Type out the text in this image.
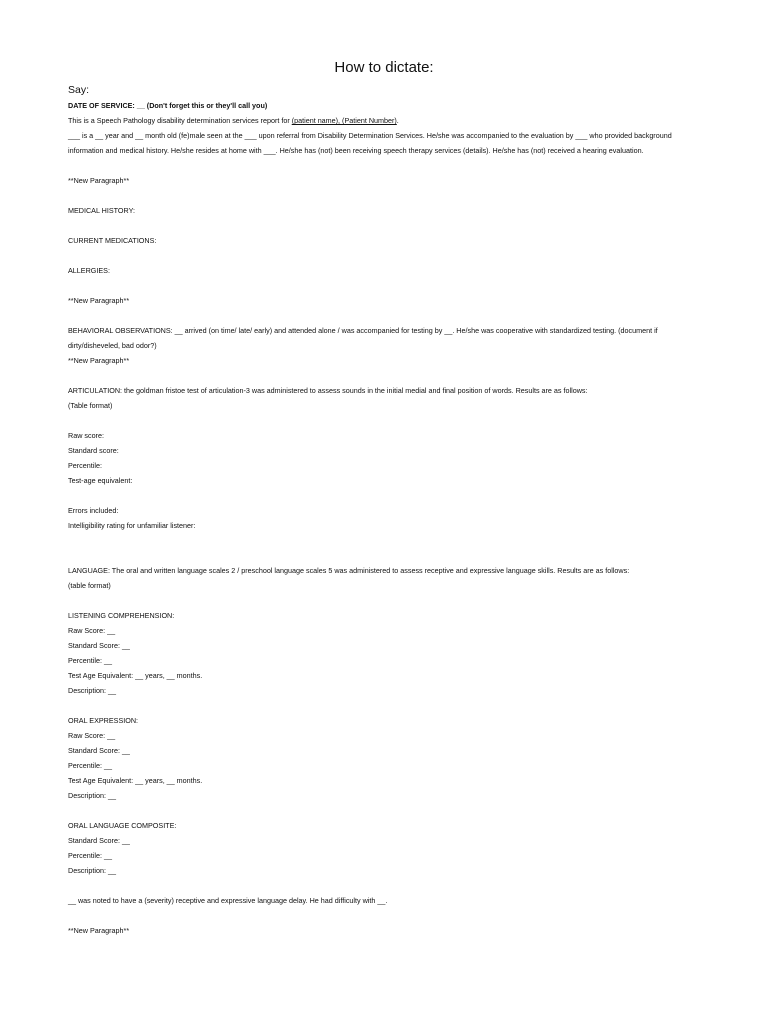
How to dictate:
Say:
DATE OF SERVICE: __ (Don't forget this or they'll call you)
This is a Speech Pathology disability determination services report for (patient name), (Patient Number).
___ is a __ year and __ month old (fe)male seen at the ___ upon referral from Disability Determination Services. He/she was accompanied to the evaluation by ___ who provided background
information and medical history. He/she resides at home with ___. He/she has (not) been receiving speech therapy services (details). He/she has (not) received a hearing evaluation.
**New Paragraph**
MEDICAL HISTORY:
CURRENT MEDICATIONS:
ALLERGIES:
**New Paragraph**
BEHAVIORAL OBSERVATIONS: __ arrived (on time/ late/ early) and attended alone / was accompanied for testing by __. He/she was cooperative with standardized testing. (document if
dirty/disheveled, bad odor?)
**New Paragraph**
ARTICULATION: the goldman fristoe test of articulation-3 was administered to assess sounds in the initial medial and final position of words. Results are as follows:
(Table format)
Raw score:
Standard score:
Percentile:
Test-age equivalent:
Errors included:
Intelligibility rating for unfamiliar listener:
LANGUAGE: The oral and written language scales 2 / preschool language scales 5 was administered to assess receptive and expressive language skills. Results are as follows:
(table format)
LISTENING COMPREHENSION:
Raw Score: __
Standard Score: __
Percentile: __
Test Age Equivalent: __ years, __ months.
Description: __
ORAL EXPRESSION:
Raw Score: __
Standard Score: __
Percentile: __
Test Age Equivalent: __ years, __ months.
Description: __
ORAL LANGUAGE COMPOSITE:
Standard Score: __
Percentile: __
Description: __
__ was noted to have a (severity) receptive and expressive language delay. He had difficulty with __.
**New Paragraph**
